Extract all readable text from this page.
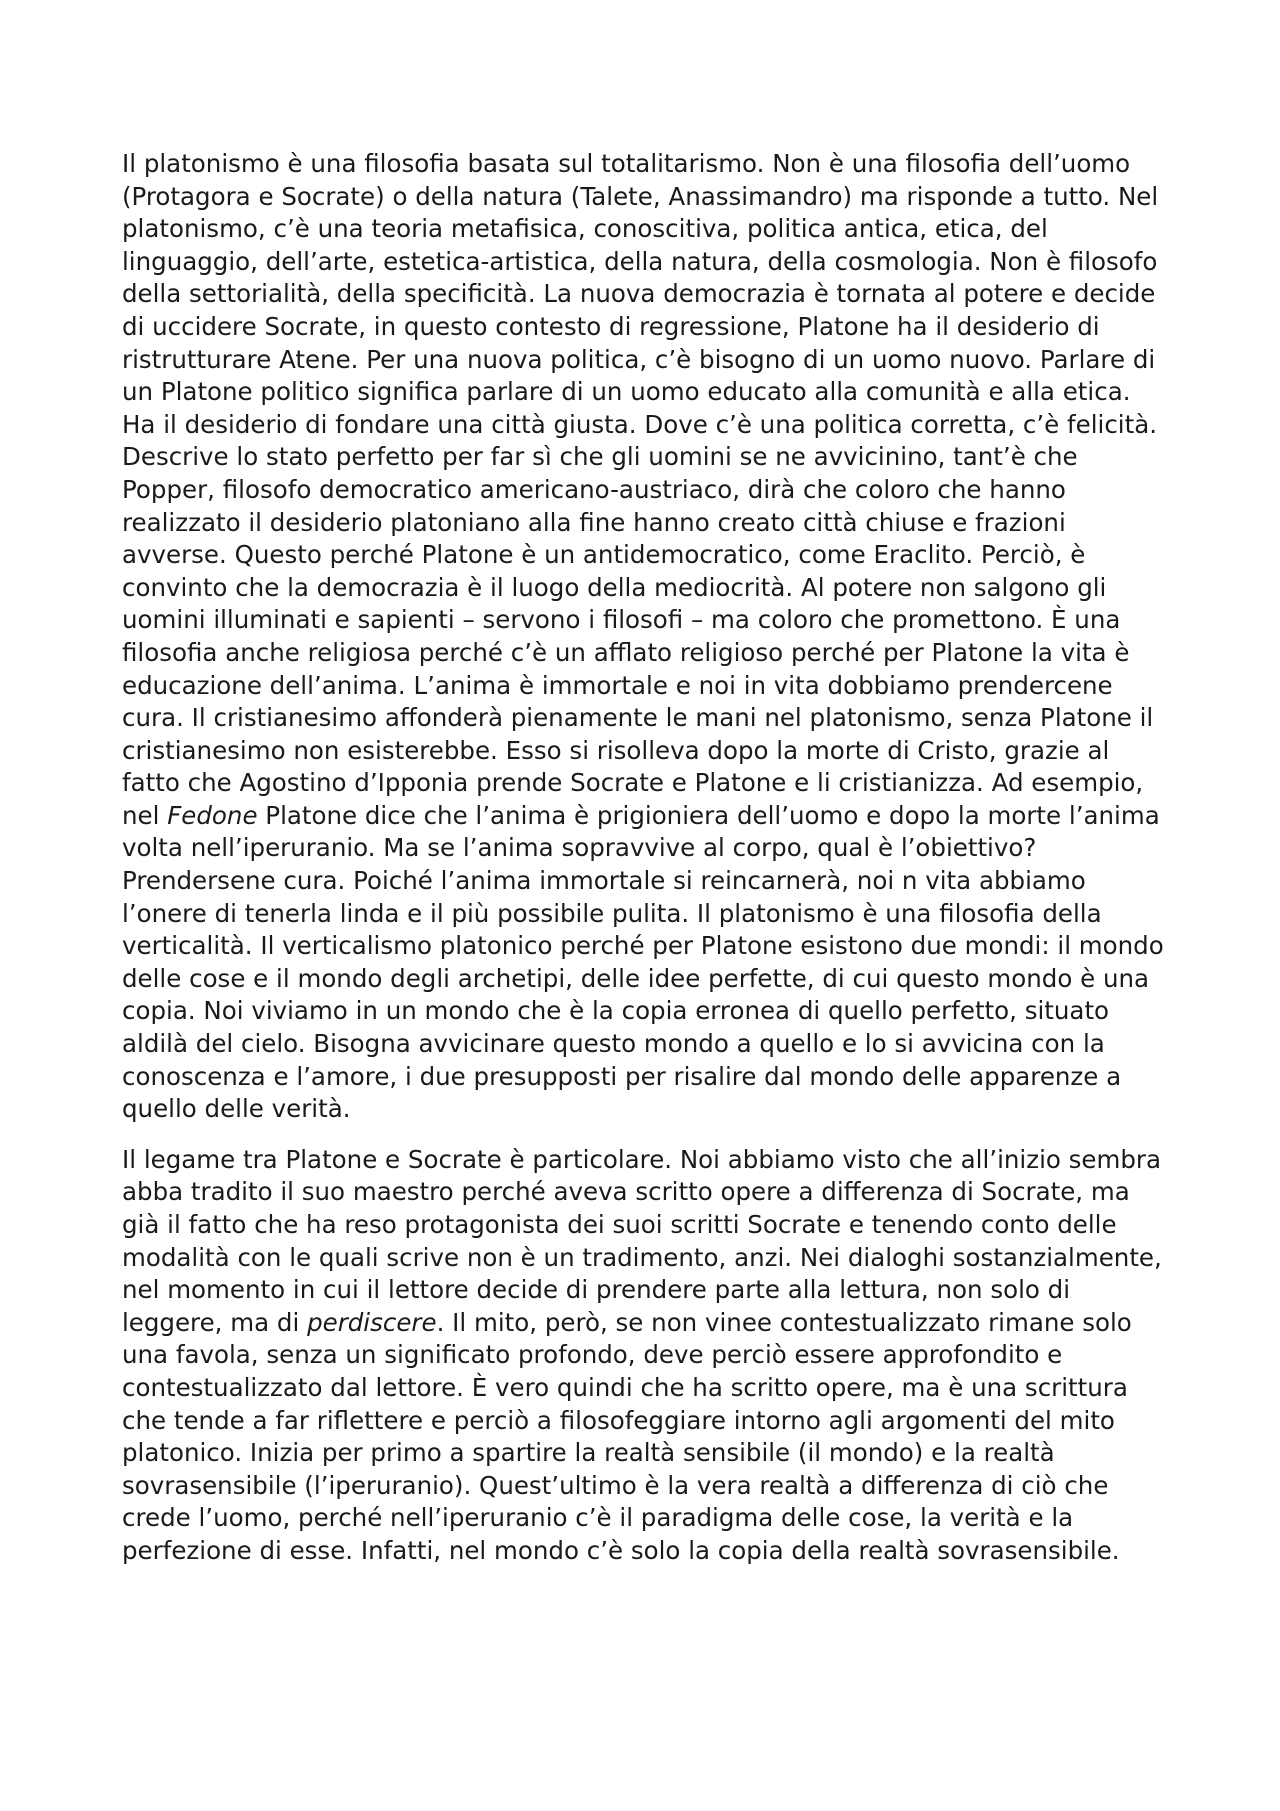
Il platonismo è una filosofia basata sul totalitarismo. Non è una filosofia dell’uomo (Protagora e Socrate) o della natura (Talete, Anassimandro) ma risponde a tutto. Nel platonismo, c’è una teoria metafisica, conoscitiva, politica antica, etica, del linguaggio, dell’arte, estetica-artistica, della natura, della cosmologia. Non è filosofo della settorialità, della specificità. La nuova democrazia è tornata al potere e decide di uccidere Socrate, in questo contesto di regressione, Platone ha il desiderio di ristrutturare Atene. Per una nuova politica, c’è bisogno di un uomo nuovo. Parlare di un Platone politico significa parlare di un uomo educato alla comunità e alla etica. Ha il desiderio di fondare una città giusta. Dove c’è una politica corretta, c’è felicità. Descrive lo stato perfetto per far sì che gli uomini se ne avvicinino, tant’è che Popper, filosofo democratico americano-austriaco, dirà che coloro che hanno realizzato il desiderio platoniano alla fine hanno creato città chiuse e frazioni avverse. Questo perché Platone è un antidemocratico, come Eraclito. Perciò, è convinto che la democrazia è il luogo della mediocrità. Al potere non salgono gli uomini illuminati e sapienti – servono i filosofi – ma coloro che promettono. È una filosofia anche religiosa perché c’è un afflato religioso perché per Platone la vita è educazione dell’anima. L’anima è immortale e noi in vita dobbiamo prendercene cura. Il cristianesimo affonderà pienamente le mani nel platonismo, senza Platone il cristianesimo non esisterebbe. Esso si risolleva dopo la morte di Cristo, grazie al fatto che Agostino d’Ipponia prende Socrate e Platone e li cristianizza. Ad esempio, nel Fedone Platone dice che l’anima è prigioniera dell’uomo e dopo la morte l’anima volta nell’iperuranio. Ma se l’anima sopravvive al corpo, qual è l’obiettivo? Prendersene cura. Poiché l’anima immortale si reincarnerà, noi n vita abbiamo l’onere di tenerla linda e il più possibile pulita. Il platonismo è una filosofia della verticalità. Il verticalismo platonico perché per Platone esistono due mondi: il mondo delle cose e il mondo degli archetipi, delle idee perfette, di cui questo mondo è una copia. Noi viviamo in un mondo che è la copia erronea di quello perfetto, situato aldilà del cielo. Bisogna avvicinare questo mondo a quello e lo si avvicina con la conoscenza e l’amore, i due presupposti per risalire dal mondo delle apparenze a quello delle verità.

Il legame tra Platone e Socrate è particolare. Noi abbiamo visto che all’inizio sembra abba tradito il suo maestro perché aveva scritto opere a differenza di Socrate, ma già il fatto che ha reso protagonista dei suoi scritti Socrate e tenendo conto delle modalità con le quali scrive non è un tradimento, anzi. Nei dialoghi sostanzialmente, nel momento in cui il lettore decide di prendere parte alla lettura, non solo di leggere, ma di perdiscere. Il mito, però, se non vinee contestualizzato rimane solo una favola, senza un significato profondo, deve perciò essere approfondito e contestualizzato dal lettore. È vero quindi che ha scritto opere, ma è una scrittura che tende a far riflettere e perciò a filosofeggiare intorno agli argomenti del mito platonico. Inizia per primo a spartire la realtà sensibile (il mondo) e la realtà sovrasensibile (l’iperuranio). Quest’ultimo è la vera realtà a differenza di ciò che crede l’uomo, perché nell’iperuranio c’è il paradigma delle cose, la verità e la perfezione di esse. Infatti, nel mondo c’è solo la copia della realtà sovrasensibile.
